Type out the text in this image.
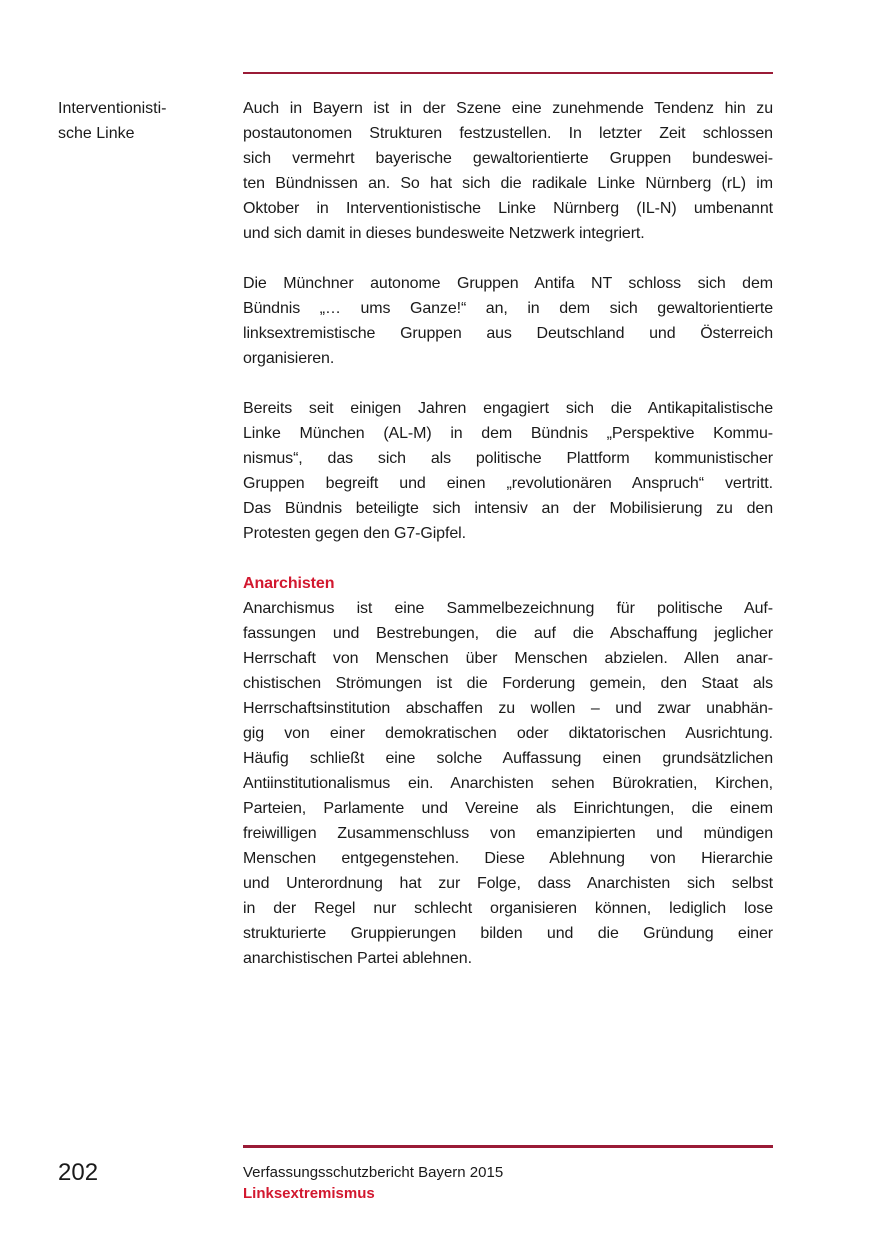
Interventionisti-
sche Linke
Auch in Bayern ist in der Szene eine zunehmende Tendenz hin zu
postautonomen Strukturen festzustellen. In letzter Zeit schlossen
sich vermehrt bayerische gewaltorientierte Gruppen bundeswei-
ten Bündnissen an. So hat sich die radikale Linke Nürnberg (rL) im
Oktober in Interventionistische Linke Nürnberg (IL-N) umbenannt
und sich damit in dieses bundesweite Netzwerk integriert.
Die Münchner autonome Gruppen Antifa NT schloss sich dem
Bündnis „… ums Ganze!“ an, in dem sich gewaltorientierte
linksextremistische Gruppen aus Deutschland und Österreich
organisieren.
Bereits seit einigen Jahren engagiert sich die Antikapitalistische
Linke München (AL-M) in dem Bündnis „Perspektive Kommu-
nismus“, das sich als politische Plattform kommunistischer
Gruppen begreift und einen „revolutionären Anspruch“ vertritt.
Das Bündnis beteiligte sich intensiv an der Mobilisierung zu den
Protesten gegen den G7-Gipfel.
Anarchisten
Anarchismus ist eine Sammelbezeichnung für politische Auf-
fassungen und Bestrebungen, die auf die Abschaffung jeglicher
Herrschaft von Menschen über Menschen abzielen. Allen anar-
chistischen Strömungen ist die Forderung gemein, den Staat als
Herrschaftsinstitution abschaffen zu wollen – und zwar unabhän-
gig von einer demokratischen oder diktatorischen Ausrichtung.
Häufig schließt eine solche Auffassung einen grundsätzlichen
Antiinstitutionalismus ein. Anarchisten sehen Bürokratien, Kirchen,
Parteien, Parlamente und Vereine als Einrichtungen, die einem
freiwilligen Zusammenschluss von emanzipierten und mündigen
Menschen entgegenstehen. Diese Ablehnung von Hierarchie
und Unterordnung hat zur Folge, dass Anarchisten sich selbst
in der Regel nur schlecht organisieren können, lediglich lose
strukturierte Gruppierungen bilden und die Gründung einer
anarchistischen Partei ablehnen.
202	Verfassungsschutzbericht Bayern 2015
Linksextremismus
